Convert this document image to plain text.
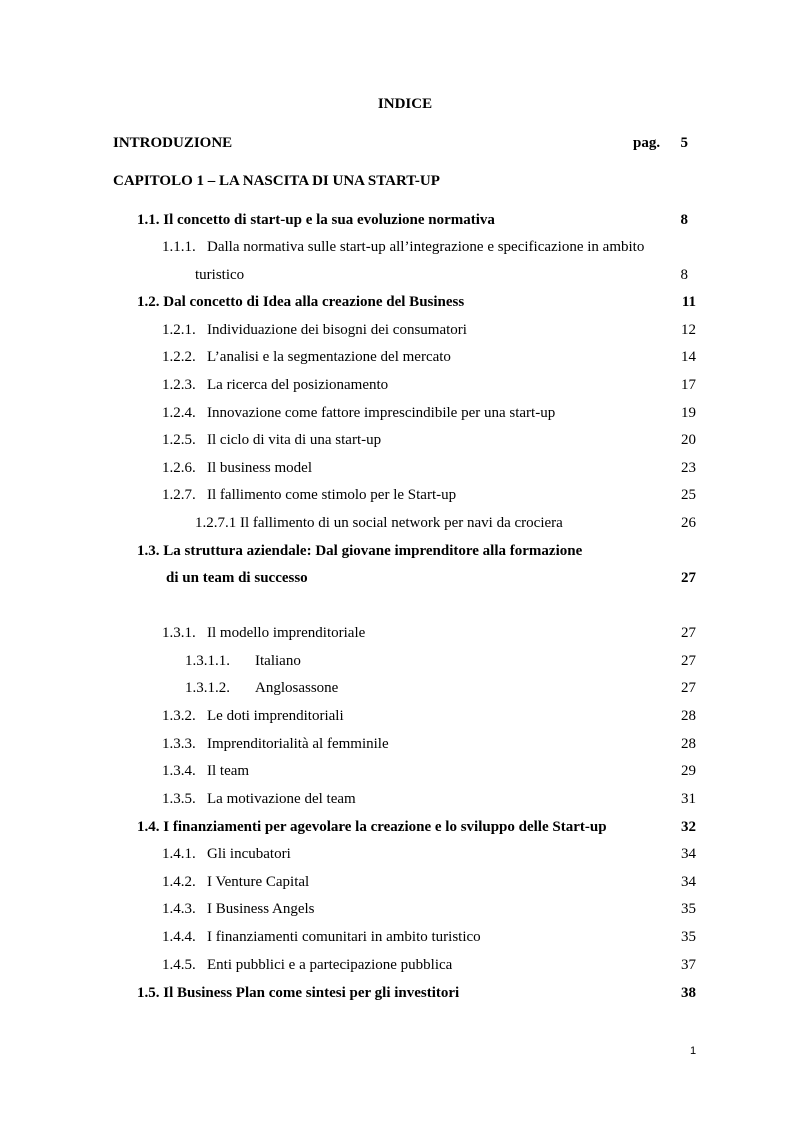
INDICE
INTRODUZIONE	pag.	5
CAPITOLO 1 – LA NASCITA DI UNA START-UP
1.1. Il concetto di start-up e la sua evoluzione normativa	8
1.1.1. Dalla normativa sulle start-up all’integrazione e specificazione in ambito
turistico	8
1.2. Dal concetto di Idea alla creazione del Business	11
1.2.1. Individuazione dei bisogni dei consumatori	12
1.2.2. L’analisi e la segmentazione del mercato	14
1.2.3. La ricerca del posizionamento	17
1.2.4. Innovazione come fattore imprescindibile per una start-up	19
1.2.5. Il ciclo di vita di una start-up	20
1.2.6. Il business model	23
1.2.7. Il fallimento come stimolo per le Start-up	25
1.2.7.1 Il fallimento di un social network per navi da crociera	26
1.3. La struttura aziendale: Dal giovane imprenditore alla formazione
di un team di successo	27
1.3.1. Il modello imprenditoriale	27
1.3.1.1. Italiano	27
1.3.1.2. Anglosassone	27
1.3.2. Le doti imprenditoriali	28
1.3.3. Imprenditorialità al femminile	28
1.3.4. Il team	29
1.3.5. La motivazione del team	31
1.4. I finanziamenti per agevolare la creazione e lo sviluppo delle Start-up	32
1.4.1. Gli incubatori	34
1.4.2. I Venture Capital	34
1.4.3. I Business Angels	35
1.4.4. I finanziamenti comunitari in ambito turistico	35
1.4.5. Enti pubblici e a partecipazione pubblica	37
1.5. Il Business Plan come sintesi per gli investitori	38
1
